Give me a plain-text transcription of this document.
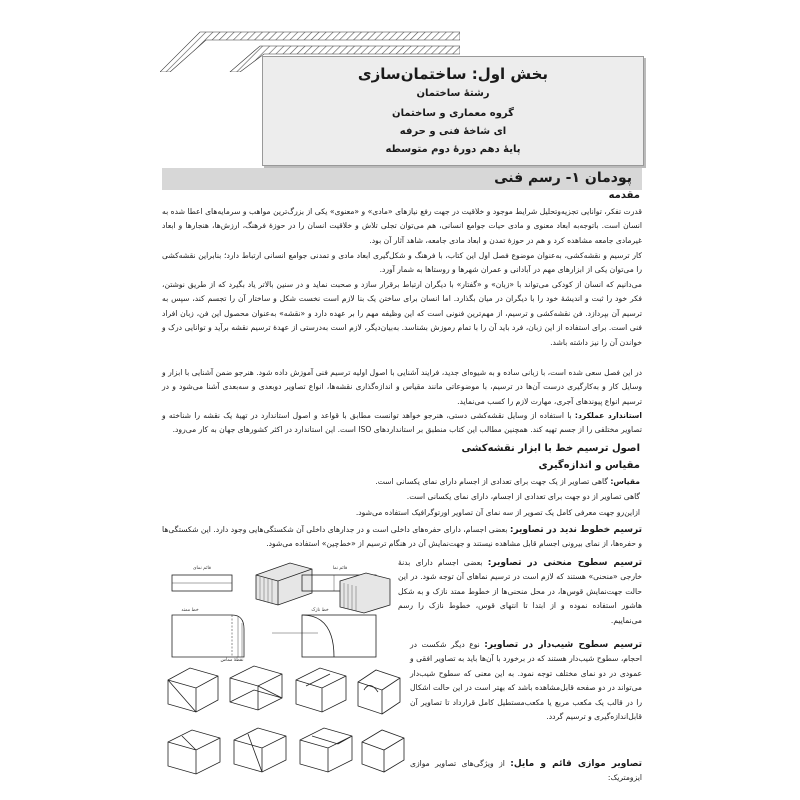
بخش اول: ساختمان‌سازی
رشتهٔ ساختمان
گروه معماری و ساختمان
ای شاخهٔ فنی و حرفه
پایهٔ دهم دورهٔ دوم متوسطه
پودمان ۱- رسم فنی
مقدمه
قدرت تفکر، توانایی تجزیه‌وتحلیل شرایط موجود و خلاقیت در جهت رفع نیازهای «مادی» و «معنوی» یکی از بزرگ‌ترین مواهب و سرمایه‌های اعطا شده به انسان است. باتوجه‌به ابعاد معنوی و مادی حیات جوامع انسانی، هم می‌توان تجلی تلاش و خلاقیت انسان را در حوزهٔ فرهنگ، ارزش‌ها، هنجارها و ابعاد غیرمادی جامعه مشاهده کرد و هم در حوزهٔ تمدن و ابعاد مادی جامعه، شاهد آثار آن بود.
کار ترسیم و نقشه‌کشی، به‌عنوان موضوع فصل اول این کتاب، با فرهنگ و شکل‌گیری ابعاد مادی و تمدنی جوامع انسانی ارتباط دارد؛ بنابراین نقشه‌کشی را می‌توان یکی از ابزارهای مهم در آبادانی و عمران شهرها و روستاها به شمار آورد.
می‌دانیم که انسان از کودکی می‌تواند با «زبان» و «گفتار» با دیگران ارتباط برقرار سازد و صحبت نماید و در سنین بالاتر یاد بگیرد که از طریق نوشتن، فکر خود را ثبت و اندیشهٔ خود را با دیگران در میان بگذارد. اما انسان برای ساختن یک بنا لازم است نخست شکل و ساختار آن را تجسم کند، سپس به ترسیم آن بپردازد. فن نقشه‌کشی و ترسیم، از مهم‌ترین فنونی است که این وظیفه مهم را بر عهده دارد و «نقشه» به‌عنوان محصول این فن، زبان افراد فنی است. برای استفاده از این زبان، فرد باید آن را با تمام رموزش بشناسد. به‌بیان‌دیگر، لازم است به‌درستی از عهدهٔ ترسیم نقشه برآید و توانایی درک و خواندن آن را نیز داشته باشد.
در این فصل سعی شده است، با زبانی ساده و به شیوه‌ای جدید، فرایند آشنایی با اصول اولیه ترسیم فنی آموزش داده شود. هنرجو ضمن آشنایی با ابزار و وسایل کار و به‌کارگیری درست آن‌ها در ترسیم، با موضوعاتی مانند مقیاس و اندازه‌گذاری نقشه‌ها، انواع تصاویر دوبعدی و سه‌بعدی آشنا می‌شود و در ترسیم انواع پیوندهای آجری، مهارت لازم را کسب می‌نماید.
استاندارد عملکرد: با استفاده از وسایل نقشه‌کشی دستی، هنرجو خواهد توانست مطابق با قواعد و اصول استاندارد در تهیهٔ یک نقشه را شناخته و تصاویر مختلفی را از جسم تهیه کند. همچنین مطالب این کتاب منطبق بر استانداردهای ISO است. این استاندارد در اکثر کشورهای جهان به کار می‌رود.
اصول ترسیم خط با ابزار نقشه‌کشی
مقیاس و اندازه‌گیری
مقیاس: گاهی تصاویر از یک جهت برای تعدادی از اجسام دارای نمای یکسانی است.
گاهی تصاویر از دو جهت برای تعدادی از اجسام، دارای نمای یکسانی است.
ازاین‌رو جهت معرفی کامل یک تصویر از سه نمای آن تصاویر اورتوگرافیک استفاده می‌شود.
ترسیم خطوط ندید در تصاویر: بعضی اجسام، دارای حفره‌های داخلی است و در جدارهای داخلی آن شکستگی‌هایی وجود دارد. این شکستگی‌ها و حفره‌ها، از نمای بیرونی اجسام قابل مشاهده نیستند و جهت‌نمایش آن در هنگام ترسیم از «خط‌چین» استفاده می‌شود.
ترسیم سطوح منحنی در تصاویر: بعضی اجسام دارای بدنهٔ خارجی «منحنی» هستند که لازم است در ترسیم نماهای آن توجه شود. در این حالت جهت‌نمایش قوس‌ها، در محل منحنی‌ها از خطوط ممتد نازک و به شکل هاشور استفاده نموده و از ابتدا تا انتهای قوس، خطوط نازک را رسم می‌نماییم.
ترسیم سطوح شیب‌دار در تصاویر: نوع دیگر شکست در احجام، سطوح شیب‌دار هستند که در برخورد با آن‌ها باید به تصاویر افقی و عمودی در دو نمای مختلف توجه نمود. به این معنی که سطوح شیب‌دار می‌تواند در دو صفحه قابل‌مشاهده باشد که بهتر است در این حالت اشکال را در قالب یک مکعب مربع یا مکعب‌مستطیل کامل قرارداد تا تصاویر آن قابل‌اندازه‌گیری و ترسیم گردد.
تصاویر موازی قائم و مایل: از ویژگی‌های تصاویر موازی ایزومتریک:
قائم نمای
خط ممتد
نقطهٔ مماس
قائم نما
خط نازک
